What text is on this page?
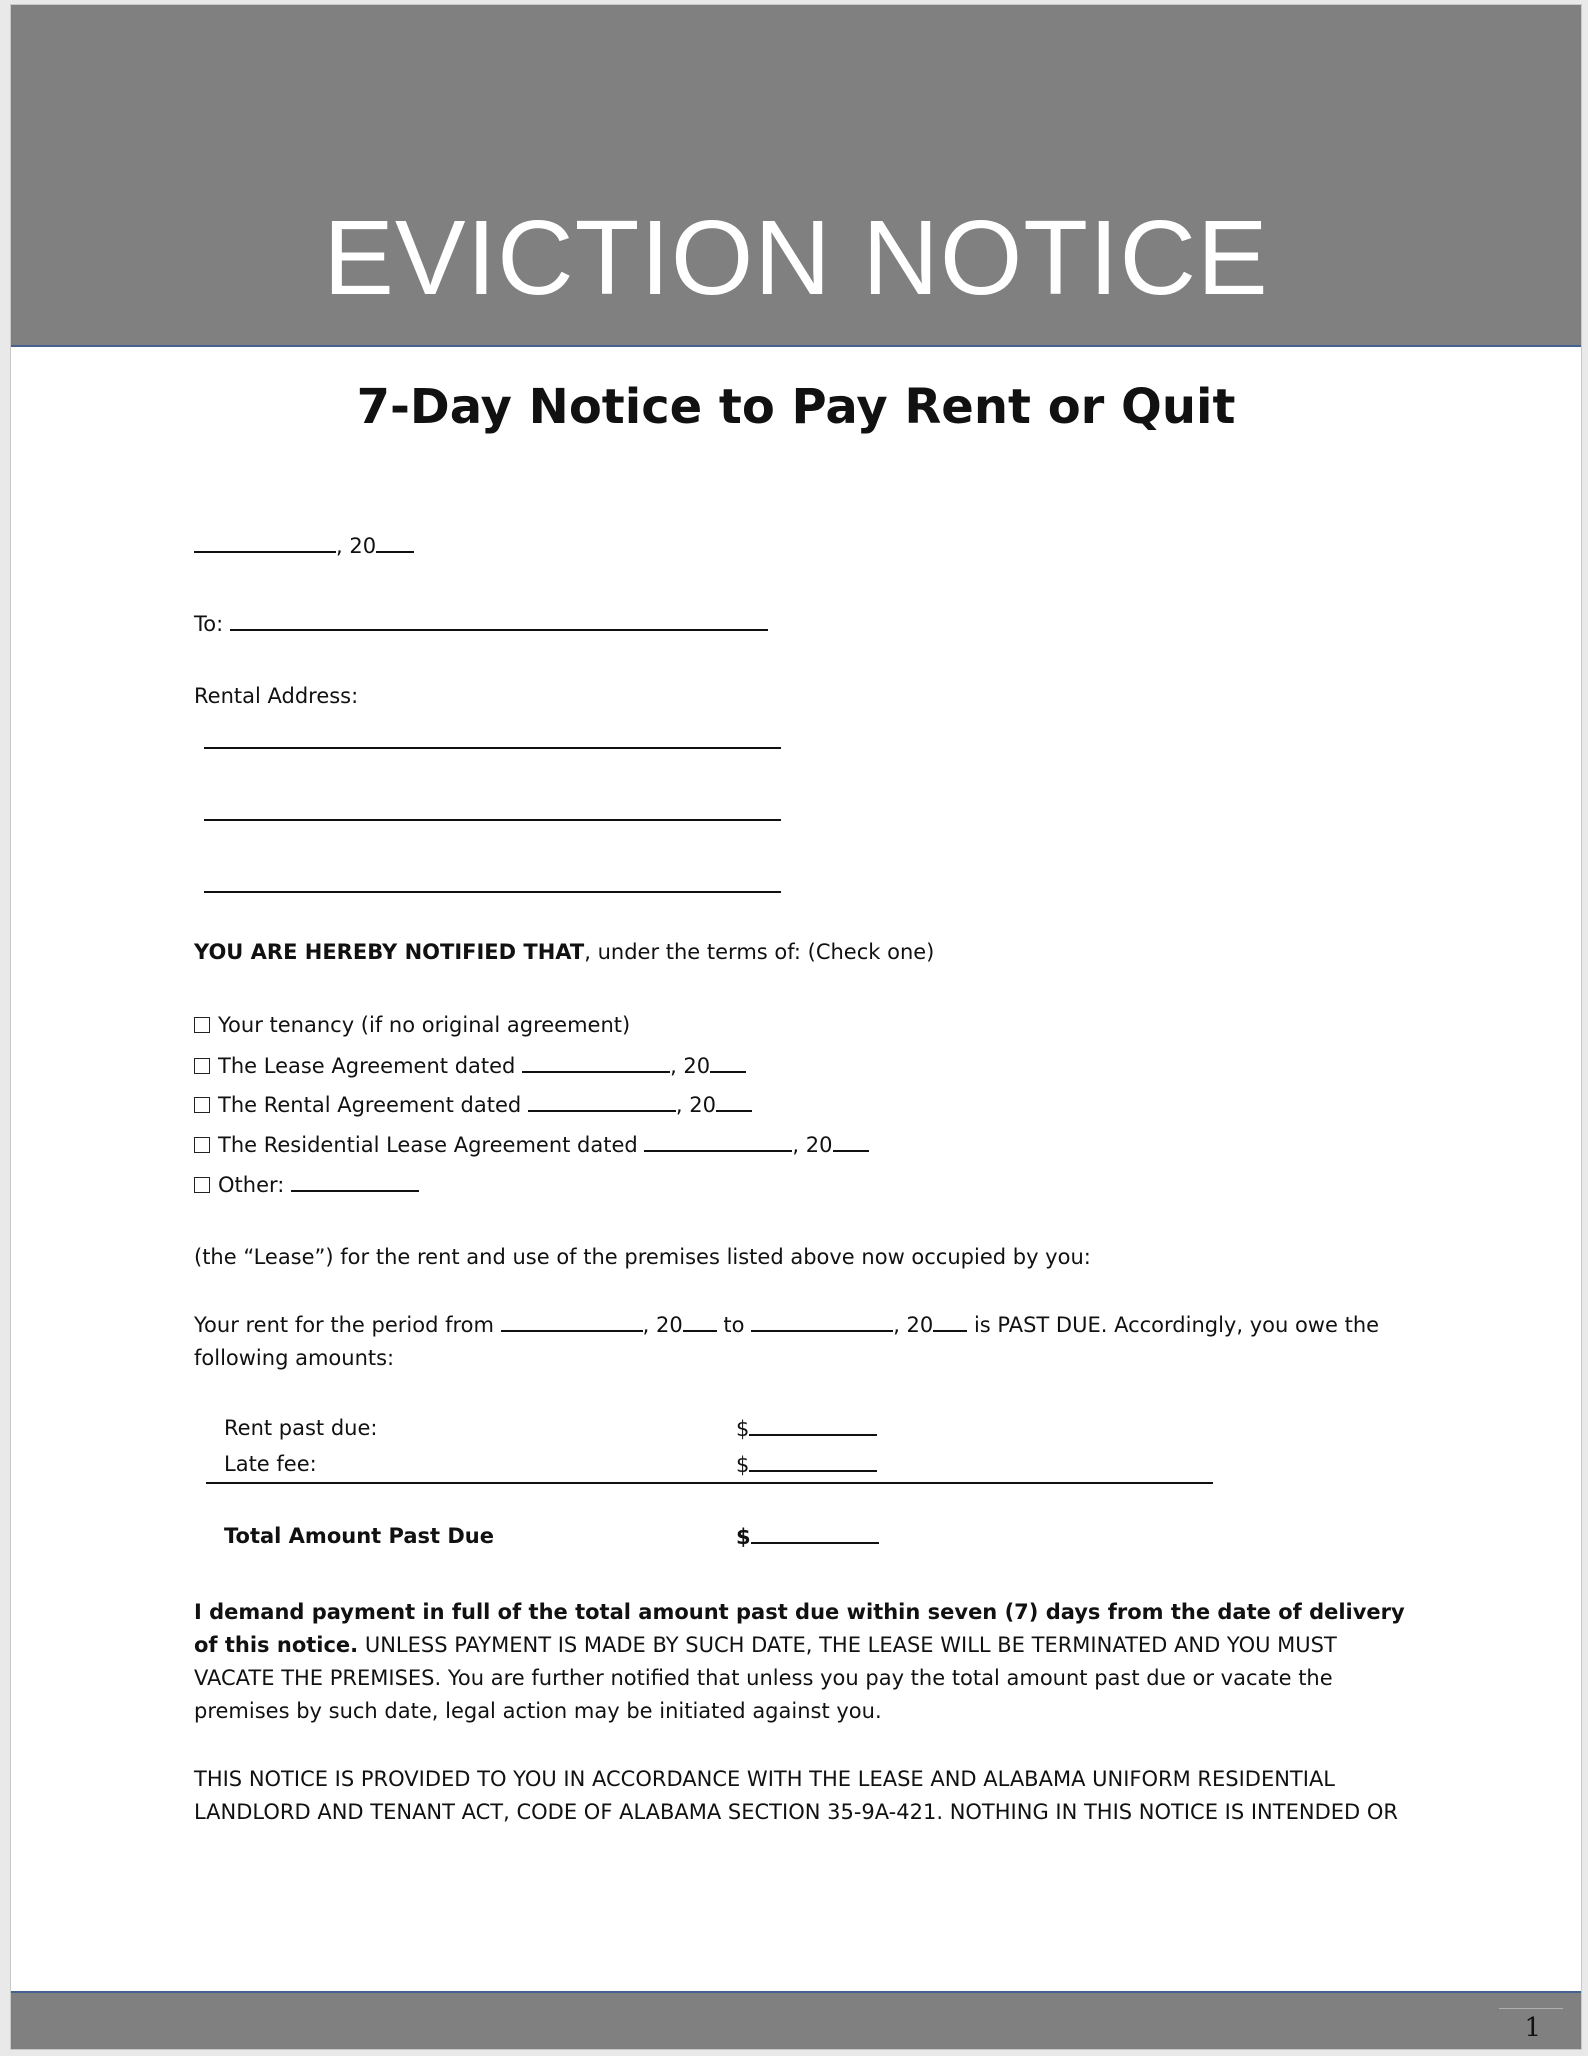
EVICTION NOTICE
7-Day Notice to Pay Rent or Quit
, 20
To:
Rental Address:
YOU ARE HEREBY NOTIFIED THAT, under the terms of: (Check one)
Your tenancy (if no original agreement)
The Lease Agreement dated	, 20
The Rental Agreement dated	, 20
The Residential Lease Agreement dated	, 20
Other:
(the “Lease”) for the rent and use of the premises listed above now occupied by you:
Your rent for the period from	, 20 to	, 20 is PAST DUE. Accordingly, you owe the
following amounts:
Rent past due:	$
Late fee:	$
Total Amount Past Due	$
I demand payment in full of the total amount past due within seven (7) days from the date of delivery of this notice. UNLESS PAYMENT IS MADE BY SUCH DATE, THE LEASE WILL BE TERMINATED AND YOU MUST VACATE THE PREMISES. You are further notified that unless you pay the total amount past due or vacate the premises by such date, legal action may be initiated against you.
THIS NOTICE IS PROVIDED TO YOU IN ACCORDANCE WITH THE LEASE AND ALABAMA UNIFORM RESIDENTIAL LANDLORD AND TENANT ACT, CODE OF ALABAMA SECTION 35-9A-421. NOTHING IN THIS NOTICE IS INTENDED OR
1
